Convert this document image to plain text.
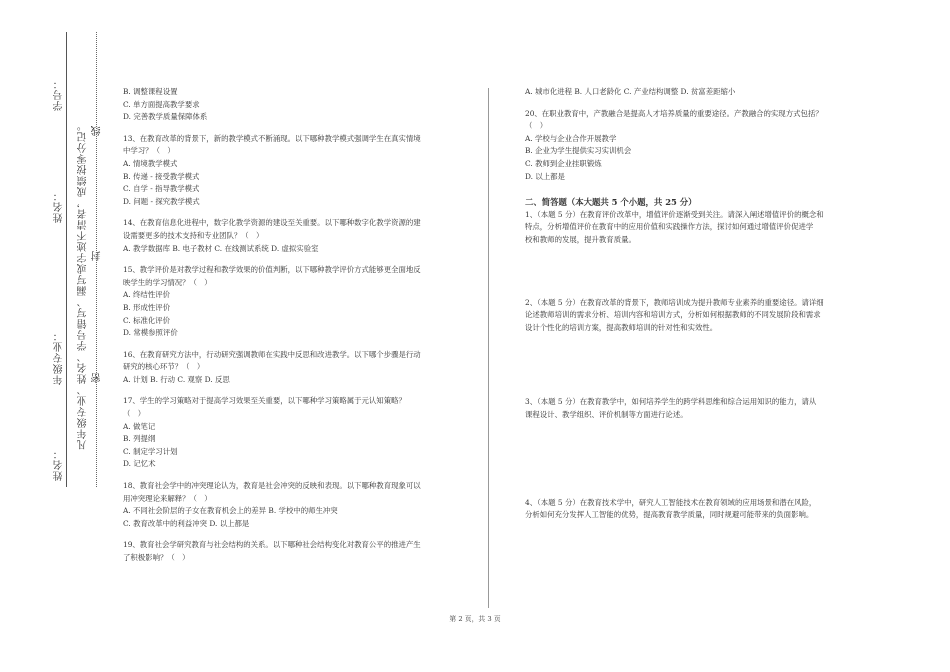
姓名：
年级专业：
姓名：
学号：
凡年级专业、姓名、学号错写、漏写或字迹不清者，成绩按零分记。 密
封
线

B. 调整课程设置

C. 单方面提高教学要求

D. 完善教学质量保障体系

13、在教育改革的背景下，新的教学模式不断涌现。以下哪种教学模式强调学生在真实情境

中学习？（　）

A. 情境教学模式

B. 传递 - 接受教学模式

C. 自学 - 指导教学模式

D. 问题 - 探究教学模式

14、在教育信息化进程中，数字化教学资源的建设至关重要。以下哪种数字化教学资源的建

设需要更多的技术支持和专业团队？（　）

A. 教学数据库 B. 电子教材 C. 在线测试系统 D. 虚拟实验室

15、教学评价是对教学过程和教学效果的价值判断，以下哪种教学评价方式能够更全面地反

映学生的学习情况？（　）

A. 终结性评价

B. 形成性评价

C. 标准化评价

D. 常模参照评价

16、在教育研究方法中，行动研究强调教师在实践中反思和改进教学。以下哪个步骤是行动

研究的核心环节？（　）

A. 计划 B. 行动 C. 观察 D. 反思

17、学生的学习策略对于提高学习效果至关重要，以下哪种学习策略属于元认知策略？

（　）

A. 做笔记

B. 列提纲

C. 制定学习计划

D. 记忆术

18、教育社会学中的冲突理论认为，教育是社会冲突的反映和表现。以下哪种教育现象可以

用冲突理论来解释？（　）

A. 不同社会阶层的子女在教育机会上的差异 B. 学校中的师生冲突

C. 教育改革中的利益冲突 D. 以上都是

19、教育社会学研究教育与社会结构的关系。以下哪种社会结构变化对教育公平的推进产生

了积极影响？（　）

A. 城市化进程 B. 人口老龄化 C. 产业结构调整 D. 贫富差距缩小

20、在职业教育中，产教融合是提高人才培养质量的重要途径。产教融合的实现方式包括？

（　）

A. 学校与企业合作开展教学

B. 企业为学生提供实习实训机会

C. 教师到企业挂职锻炼

D. 以上都是

二、简答题（本大题共 5 个小题，共 25 分）

1、（本题 5 分）在教育评价改革中，增值评价逐渐受到关注。请深入阐述增值评价的概念和

特点，分析增值评价在教育中的应用价值和实践操作方法，探讨如何通过增值评价促进学

校和教师的发展，提升教育质量。

2、（本题 5 分）在教育改革的背景下，教师培训成为提升教师专业素养的重要途径。请详细

论述教师培训的需求分析、培训内容和培训方式，分析如何根据教师的不同发展阶段和需求

设计个性化的培训方案，提高教师培训的针对性和实效性。

3、（本题 5 分）在教育教学中，如何培养学生的跨学科思维和综合运用知识的能力，请从

课程设计、教学组织、评价机制等方面进行论述。

4、（本题 5 分）在教育技术学中，研究人工智能技术在教育领域的应用场景和潜在风险，

分析如何充分发挥人工智能的优势，提高教育教学质量，同时规避可能带来的负面影响。

第 2 页，共 3 页
